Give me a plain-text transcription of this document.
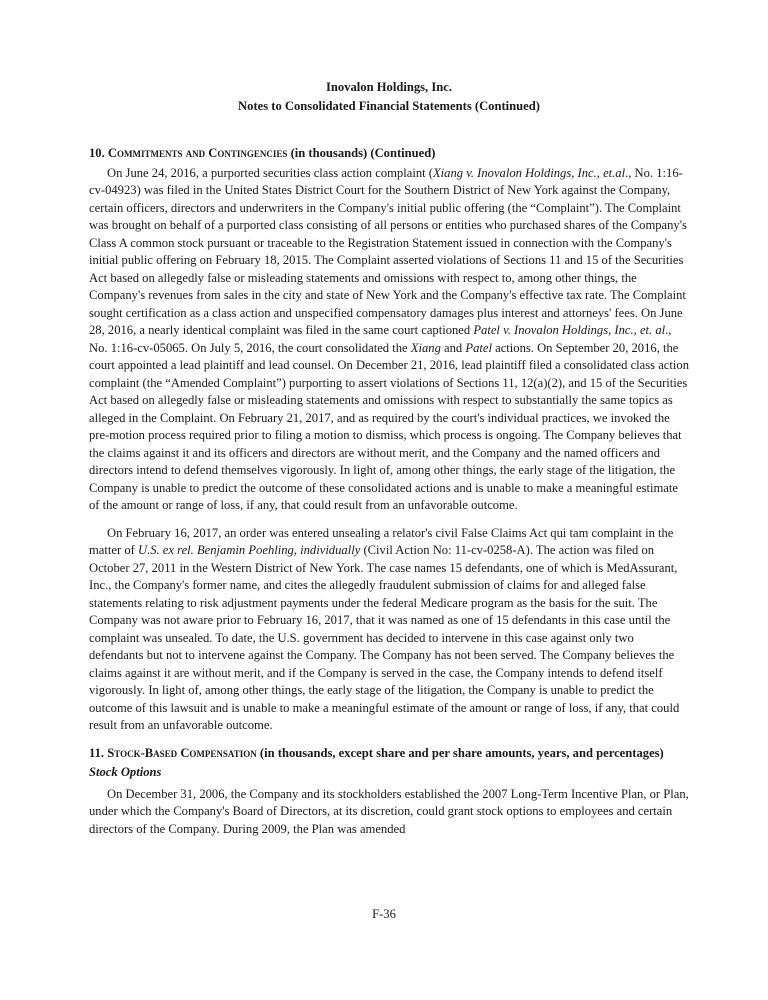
Inovalon Holdings, Inc.
Notes to Consolidated Financial Statements (Continued)
10. Commitments and Contingencies (in thousands) (Continued)

On June 24, 2016, a purported securities class action complaint (Xiang v. Inovalon Holdings, Inc., et.al., No. 1:16-cv-04923) was filed in the United States District Court for the Southern District of New York against the Company, certain officers, directors and underwriters in the Company's initial public offering (the “Complaint”). The Complaint was brought on behalf of a purported class consisting of all persons or entities who purchased shares of the Company's Class A common stock pursuant or traceable to the Registration Statement issued in connection with the Company's initial public offering on February 18, 2015. The Complaint asserted violations of Sections 11 and 15 of the Securities Act based on allegedly false or misleading statements and omissions with respect to, among other things, the Company's revenues from sales in the city and state of New York and the Company's effective tax rate. The Complaint sought certification as a class action and unspecified compensatory damages plus interest and attorneys' fees. On June 28, 2016, a nearly identical complaint was filed in the same court captioned Patel v. Inovalon Holdings, Inc., et. al., No. 1:16-cv-05065. On July 5, 2016, the court consolidated the Xiang and Patel actions. On September 20, 2016, the court appointed a lead plaintiff and lead counsel. On December 21, 2016, lead plaintiff filed a consolidated class action complaint (the “Amended Complaint”) purporting to assert violations of Sections 11, 12(a)(2), and 15 of the Securities Act based on allegedly false or misleading statements and omissions with respect to substantially the same topics as alleged in the Complaint. On February 21, 2017, and as required by the court's individual practices, we invoked the pre-motion process required prior to filing a motion to dismiss, which process is ongoing. The Company believes that the claims against it and its officers and directors are without merit, and the Company and the named officers and directors intend to defend themselves vigorously. In light of, among other things, the early stage of the litigation, the Company is unable to predict the outcome of these consolidated actions and is unable to make a meaningful estimate of the amount or range of loss, if any, that could result from an unfavorable outcome.

On February 16, 2017, an order was entered unsealing a relator's civil False Claims Act qui tam complaint in the matter of U.S. ex rel. Benjamin Poehling, individually (Civil Action No: 11-cv-0258-A). The action was filed on October 27, 2011 in the Western District of New York. The case names 15 defendants, one of which is MedAssurant, Inc., the Company's former name, and cites the allegedly fraudulent submission of claims for and alleged false statements relating to risk adjustment payments under the federal Medicare program as the basis for the suit. The Company was not aware prior to February 16, 2017, that it was named as one of 15 defendants in this case until the complaint was unsealed. To date, the U.S. government has decided to intervene in this case against only two defendants but not to intervene against the Company. The Company has not been served. The Company believes the claims against it are without merit, and if the Company is served in the case, the Company intends to defend itself vigorously. In light of, among other things, the early stage of the litigation, the Company is unable to predict the outcome of this lawsuit and is unable to make a meaningful estimate of the amount or range of loss, if any, that could result from an unfavorable outcome.

11. Stock-Based Compensation (in thousands, except share and per share amounts, years, and percentages)
Stock Options

On December 31, 2006, the Company and its stockholders established the 2007 Long-Term Incentive Plan, or Plan, under which the Company's Board of Directors, at its discretion, could grant stock options to employees and certain directors of the Company. During 2009, the Plan was amended

F-36
